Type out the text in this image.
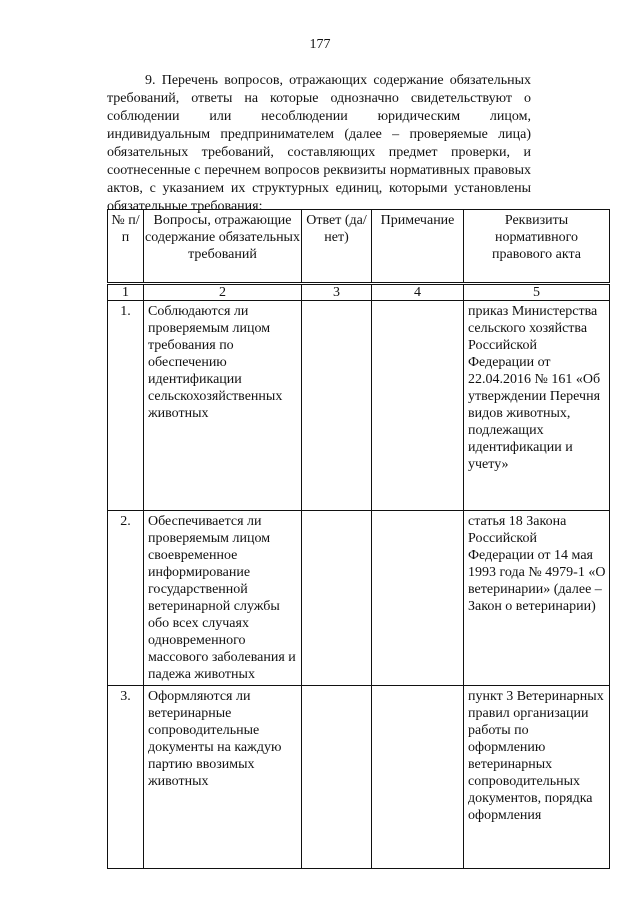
177

9. Перечень вопросов, отражающих содержание обязательных требований, ответы на которые однозначно свидетельствуют о соблюдении или несоблюдении юридическим лицом, индивидуальным предпринимателем (далее – проверяемые лица) обязательных требований, составляющих предмет проверки, и соотнесенные с перечнем вопросов реквизиты нормативных правовых актов, с указанием их структурных единиц, которыми установлены обязательные требования:

№ п/п	Вопросы, отражающие содержание обязательных требований	Ответ (да/нет)	Примечание	Реквизиты нормативного правового акта
1	2	3	4	5
1.	Соблюдаются ли проверяемым лицом требования по обеспечению идентификации сельскохозяйственных животных			приказ Министерства сельского хозяйства Российской Федерации от 22.04.2016 № 161 «Об утверждении Перечня видов животных, подлежащих идентификации и учету»
2.	Обеспечивается ли проверяемым лицом своевременное информирование государственной ветеринарной службы обо всех случаях одновременного массового заболевания и падежа животных			статья 18 Закона Российской Федерации от 14 мая 1993 года № 4979-1 «О ветеринарии» (далее – Закон о ветеринарии)
3.	Оформляются ли ветеринарные сопроводительные документы на каждую партию ввозимых животных			пункт 3 Ветеринарных правил организации работы по оформлению ветеринарных сопроводительных документов, порядка оформления
